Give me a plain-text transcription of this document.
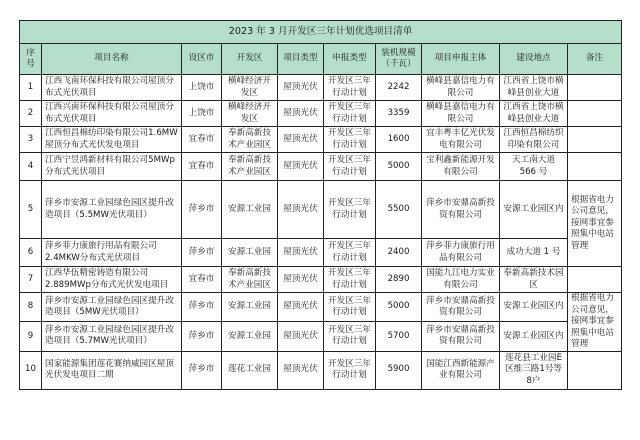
2023 年 3 月开发区三年计划优选项目清单									
序号	项目名称	设区市	开发区	项目类型	申报类型	装机规模（千瓦）	项目申报主体	建设地点	备注
1	江西飞南环保科技有限公司屋顶分布式光伏项目	上饶市	横峰经济开发区	屋顶光伏	开发区三年行动计划	2242	横峰县嘉信电力有限公司	江西省上饶市横峰县创业大道	
2	江西兴南环保科技有限公司屋顶分布式光伏项目	上饶市	横峰经济开发区	屋顶光伏	开发区三年行动计划	3359	横峰县嘉信电力有限公司	江西省上饶市横峰县创业大道	
3	江西恒昌棉纺印染有限公司1.6MW屋顶分布式光伏发电项目	宜春市	奉新高新技术产业园区	屋顶光伏	开发区三年行动计划	1600	宜丰粤丰亿光伏发电有限公司	江西恒昌棉纺织印染有限公司	
4	江西宁昱鸿新材料有限公司5MWp分布式光伏项目	宜春市	奉新高新技术产业园区	屋顶光伏	开发区三年行动计划	5000	宝利鑫新能源开发有限公司	天工南大道 566 号	
5	萍乡市安源工业园绿色园区提升改造项目（5.5MW光伏项目）	萍乡市	安源工业园	屋顶光伏	开发区三年行动计划	5500	萍乡市安鼎高新投资有限公司	安源工业园区内	根据省电力公司意见，接网事宜参照集中电站管理
6	萍乡菲力康旅行用品有限公司2.4MKW分布式光伏项目	萍乡市	安源工业园	屋顶光伏	开发区三年行动计划	2400	萍乡菲力康旅行用品有限公司	成功大道 1 号	
7	江西华伍精密铸造有限公司2.889MWp分布式光伏发电项目	宜春市	奉新高新技术产业园区	屋顶光伏	开发区三年行动计划	2890	国能九江电力实业有限公司	奉新高新技术园区	
8	萍乡市安源工业园绿色园区提升改造项目（5MW光伏项目）	萍乡市	安源工业园	屋顶光伏	开发区三年行动计划	5000	萍乡市安鼎高新投资有限公司	安源工业园区内	根据省电力公司意见，接网事宜参照集中电站管理
9	萍乡市安源工业园绿色园区提升改造项目（5.7MW光伏项目）	萍乡市	安源工业园	屋顶光伏	开发区三年行动计划	5700	萍乡市安鼎高新投资有限公司	安源工业园区内	
10	国家能源集团莲花赛纳威园区屋顶光伏发电项目二期	萍乡市	莲花工业园	屋顶光伏	开发区三年行动计划	5900	国能江西新能源产业有限公司	莲花县工业园E区维三路1号等8户	
